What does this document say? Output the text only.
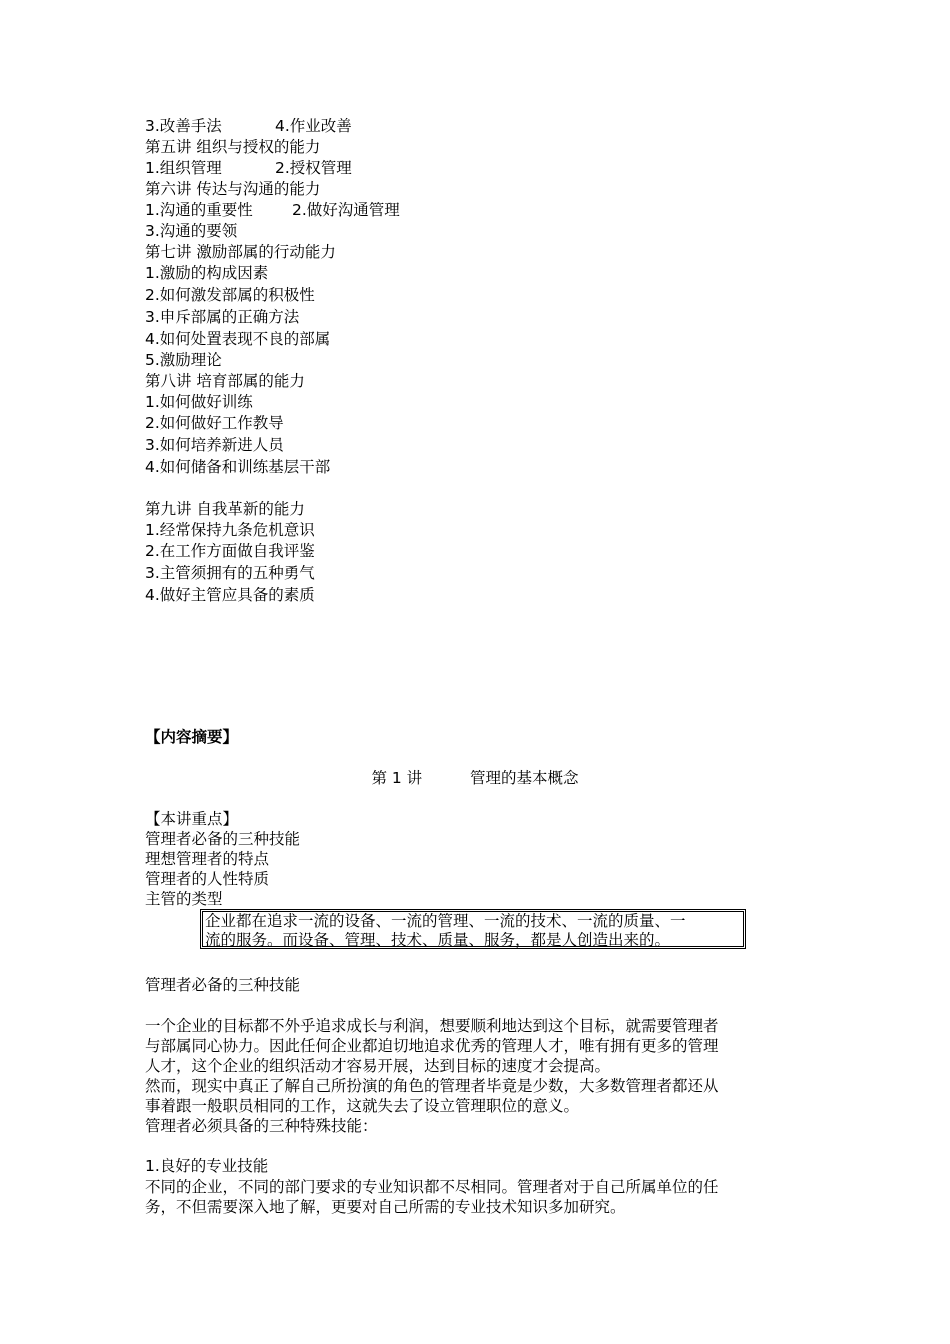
3.改善手法	4.作业改善
第五讲 组织与授权的能力
1.组织管理	2.授权管理
第六讲 传达与沟通的能力
1.沟通的重要性	2.做好沟通管理
3.沟通的要领
第七讲 激励部属的行动能力
1.激励的构成因素
2.如何激发部属的积极性
3.申斥部属的正确方法
4.如何处置表现不良的部属
5.激励理论
第八讲 培育部属的能力
1.如何做好训练
2.如何做好工作教导
3.如何培养新进人员
4.如何储备和训练基层干部
第九讲 自我革新的能力
1.经常保持九条危机意识
2.在工作方面做自我评鉴
3.主管须拥有的五种勇气
4.做好主管应具备的素质
【内容摘要】
第 1 讲	管理的基本概念
【本讲重点】
管理者必备的三种技能
理想管理者的特点
管理者的人性特质
主管的类型
企业都在追求一流的设备、一流的管理、一流的技术、一流的质量、一
流的服务。而设备、管理、技术、质量、服务，都是人创造出来的。
管理者必备的三种技能
一个企业的目标都不外乎追求成长与利润，想要顺利地达到这个目标，就需要管理者
与部属同心协力。因此任何企业都迫切地追求优秀的管理人才，唯有拥有更多的管理
人才，这个企业的组织活动才容易开展，达到目标的速度才会提高。
然而，现实中真正了解自己所扮演的角色的管理者毕竟是少数，大多数管理者都还从
事着跟一般职员相同的工作，这就失去了设立管理职位的意义。
管理者必须具备的三种特殊技能：
1.良好的专业技能
不同的企业，不同的部门要求的专业知识都不尽相同。管理者对于自己所属单位的任
务，不但需要深入地了解，更要对自己所需的专业技术知识多加研究。
